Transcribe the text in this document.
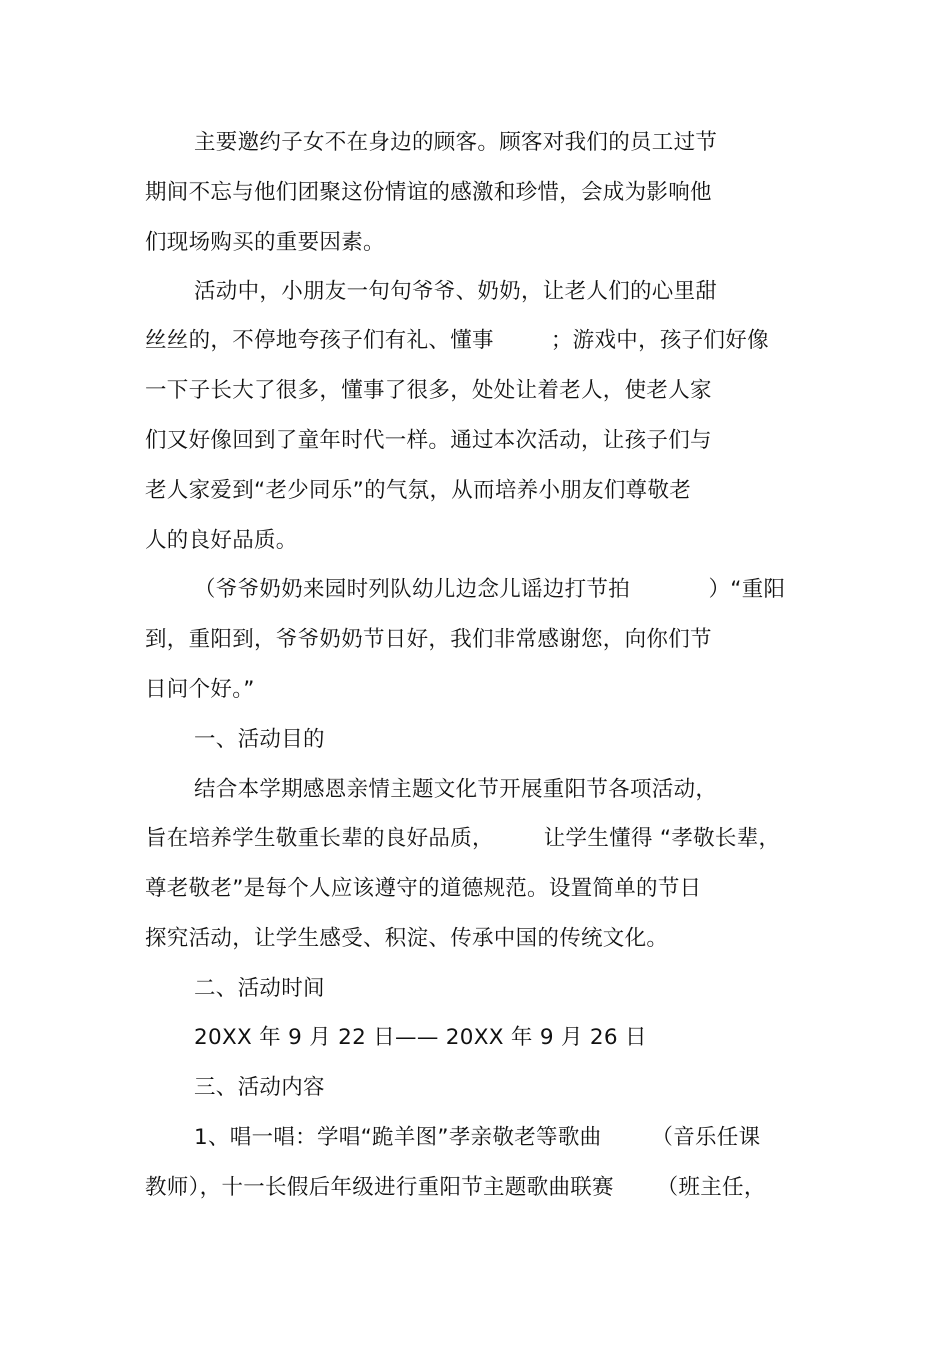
主要邀约子女不在身边的顾客。顾客对我们的员工过节
期间不忘与他们团聚这份情谊的感激和珍惜，会成为影响他
们现场购买的重要因素。
活动中，小朋友一句句爷爷、奶奶，让老人们的心里甜
丝丝的，不停地夸孩子们有礼、懂事        ；游戏中，孩子们好像
一下子长大了很多，懂事了很多，处处让着老人，使老人家
们又好像回到了童年时代一样。通过本次活动，让孩子们与
老人家爱到“老少同乐”的气氛，从而培养小朋友们尊敬老
人的良好品质。
（爷爷奶奶来园时列队幼儿边念儿谣边打节拍           ）“重阳
到，重阳到，爷爷奶奶节日好，我们非常感谢您，向你们节
日问个好。”
一、活动目的
结合本学期感恩亲情主题文化节开展重阳节各项活动，
旨在培养学生敬重长辈的良好品质，       让学生懂得 “孝敬长辈，
尊老敬老”是每个人应该遵守的道德规范。设置简单的节日
探究活动，让学生感受、积淀、传承中国的传统文化。
二、活动时间
20XX 年 9 月 22 日—— 20XX 年 9 月 26 日
三、活动内容
1、唱一唱：学唱“跪羊图”孝亲敬老等歌曲       （音乐任课
教师），十一长假后年级进行重阳节主题歌曲联赛      （班主任，
